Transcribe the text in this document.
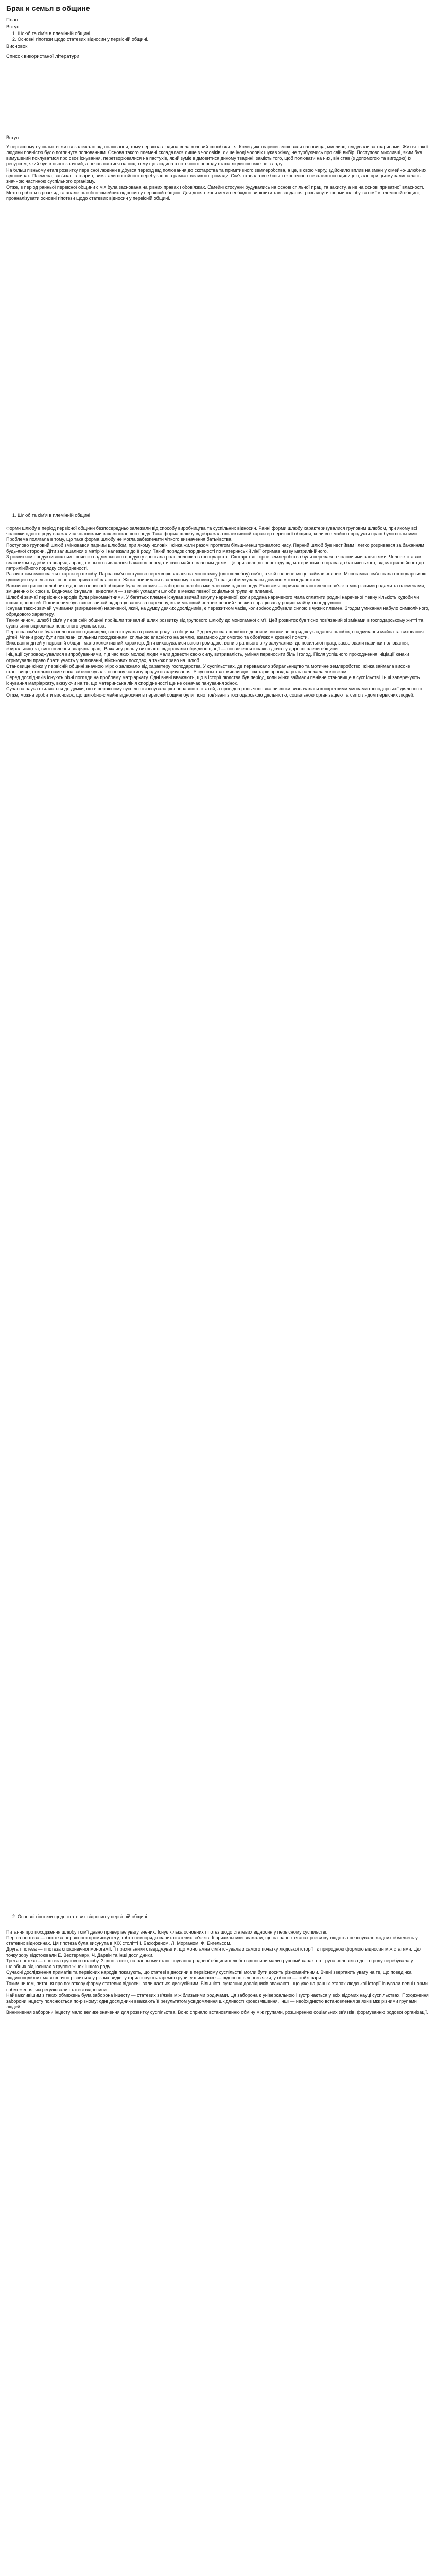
Брак и семья в общине
План
Вступ
1. Шлюб та сім'я в племінній общині.
2. Основні гіпотези щодо статевих відносин у первісній общині.
Висновок
Список використаної літератури
Вступ

У первісному суспільстві життя залежало від полювання, тому первісна людина вела кочовий спосіб життя. Коли дикі тварини змінювали пасовища, мисливці слідували за тваринами. Життя такої людини повністю було поглинуте полюванням. Основа такого племені складалася лише з чоловіків, лише іноді чоловік шукав жінку, не турбуючись про свій вибір. Поступово мисливці, яким був вимушений поклуватися про своє існування, перетворювалися на пастухів, який зуміє відмовитися дикому тварині; замість того, щоб полювати на них, він став (з допомогою та вигодою) їх ресурсом, який був в нього значний, а почав пастися на них, тому що людина з поточного періоду стала людиною вже не з ладу.

На більш пізньому етапі розвитку первісної людини відбувся перехід від полювання до скотарства та примітивного землеробства, а це, в свою чергу, здійснило вплив на зміни у сімейно-шлюбних відносинах. Племена, зав'язані з тварин, вимагали постійного перебування в рамках великого громади. Сім'я ставала все більш економічно незалежною одиницею, але при цьому залишалась значною частиною суспільного організму.

Отже, в період ранньої первісної общини сім'я була заснована на рівних правах і обов'язках. Сімейні стосунки будувались на основі спільної праці та захисту, а не на основі приватної власності.

Метою роботи є розгляд та аналіз шлюбно-сімейних відносин у первісній общині. Для досягнення мети необхідно вирішити такі завдання: розглянути форми шлюбу та сім'ї в племінній общині; проаналізувати основні гіпотези щодо статевих відносин у первісній общині.

1. Шлюб та сім'я в племінній общині

Форми шлюбу в період первісної общини безпосередньо залежали від способу виробництва та суспільних відносин. Ранні форми шлюбу характеризувалися груповим шлюбом, при якому всі чоловіки одного роду вважалися чоловіками всіх жінок іншого роду. Така форма шлюбу відображала колективний характер первісної общини, коли все майно і продукти праці були спільними. Проблема полягала в тому, що така форма шлюбу не могла забезпечити чіткого визначення батьківства.

Поступово груповий шлюб змінювався парним шлюбом, при якому чоловік і жінка жили разом протягом більш-менш тривалого часу. Парний шлюб був нестійким і легко розривався за бажанням будь-якої сторони. Діти залишалися з матір'ю і належали до її роду. Такий порядок спорідненості по материнській лінії отримав назву матрилінійного.

З розвитком продуктивних сил і появою надлишкового продукту зростала роль чоловіка в господарстві. Скотарство і орне землеробство були переважно чоловічими заняттями. Чоловік ставав власником худоби та знарядь праці, і в нього з'являлося бажання передати своє майно власним дітям. Це призвело до переходу від материнського права до батьківського, від матрилінійного до патрилінійного порядку спорідненості.

Разом з тим змінювався і характер шлюбу. Парна сім'я поступово перетворювалася на моногамну (одношлюбну) сім'ю, в якій головне місце займав чоловік. Моногамна сім'я стала господарською одиницею суспільства і основою приватної власності. Жінка опинилася в залежному становищі, її праця обмежувалася домашнім господарством.

Важливою рисою шлюбних відносин первісної общини була екзогамія — заборона шлюбів між членами одного роду. Екзогамія сприяла встановленню зв'язків між різними родами та племенами, зміцненню їх союзів. Водночас існувала і ендогамія — звичай укладати шлюби в межах певної соціальної групи чи племені.

Шлюбні звичаї первісних народів були різноманітними. У багатьох племен існував звичай викупу нареченої, коли родина нареченого мала сплатити родині нареченої певну кількість худоби чи інших цінностей. Поширеним був також звичай відпрацювання за наречену, коли молодий чоловік певний час жив і працював у родині майбутньої дружини.

Існував також звичай умикання (викрадення) нареченої, який, на думку деяких дослідників, є пережитком часів, коли жінок добували силою з чужих племен. Згодом умикання набуло символічного, обрядового характеру.

Таким чином, шлюб і сім'я у первісній общині пройшли тривалий шлях розвитку від групового шлюбу до моногамної сім'ї. Цей розвиток був тісно пов'язаний зі змінами в господарському житті та суспільних відносинах первісного суспільства.

Первісна сім'я не була ізольованою одиницею, вона існувала в рамках роду та общини. Рід регулював шлюбні відносини, визначав порядок укладання шлюбів, спадкування майна та виховання дітей. Члени роду були пов'язані спільним походженням, спільною власністю на землю, взаємною допомогою та обов'язком кровної помсти.

Виховання дітей у первісній общині мало колективний характер. Діти виховувалися всією громадою, вони з раннього віку залучалися до посильної праці, засвоювали навички полювання, збиральництва, виготовлення знарядь праці. Важливу роль у вихованні відігравали обряди ініціації — посвячення юнаків і дівчат у дорослі члени общини.

Ініціації супроводжувалися випробуваннями, під час яких молоді люди мали довести свою силу, витривалість, уміння переносити біль і голод. Після успішного проходження ініціації юнаки отримували право брати участь у полюванні, військових походах, а також право на шлюб.

Становище жінки у первісній общині значною мірою залежало від характеру господарства. У суспільствах, де переважало збиральництво та мотичне землеробство, жінка займала високе становище, оскільки саме вона забезпечувала основну частину продуктів харчування. У суспільствах мисливців і скотарів провідна роль належала чоловікам.

Серед дослідників існують різні погляди на проблему матріархату. Одні вчені вважають, що в історії людства був період, коли жінки займали панівне становище в суспільстві. Інші заперечують існування матріархату, вказуючи на те, що материнська лінія спорідненості ще не означає панування жінок.

Сучасна наука схиляється до думки, що в первісному суспільстві існувала рівноправність статей, а провідна роль чоловіка чи жінки визначалася конкретними умовами господарської діяльності.

Отже, можна зробити висновок, що шлюбно-сімейні відносини в первісній общині були тісно пов'язані з господарською діяльністю, соціальною організацією та світоглядом первісних людей.

2. Основні гіпотези щодо статевих відносин у первісній общині

Питання про походження шлюбу і сім'ї давно привертає увагу вчених. Існує кілька основних гіпотез щодо статевих відносин у первісному суспільстві.

Перша гіпотеза — гіпотеза первісного промискуїтету, тобто невпорядкованих статевих зв'язків. Її прихильники вважали, що на ранніх етапах розвитку людства не існувало жодних обмежень у статевих відносинах. Ця гіпотеза була висунута в XIX столітті І. Бахофеном, Л. Морганом, Ф. Енгельсом.

Друга гіпотеза — гіпотеза споконвічної моногамії. Її прихильники стверджували, що моногамна сім'я існувала з самого початку людської історії і є природною формою відносин між статями. Цю точку зору відстоювали Е. Вестермарк, Ч. Дарвін та інші дослідники.

Третя гіпотеза — гіпотеза групового шлюбу. Згідно з нею, на ранньому етапі існування родової общини шлюбні відносини мали груповий характер: група чоловіків одного роду перебувала у шлюбних відносинах з групою жінок іншого роду.

Сучасні дослідження приматів та первісних народів показують, що статеві відносини в первісному суспільстві могли бути досить різноманітними. Вчені звертають увагу на те, що поведінка людиноподібних мавп значно різниться у різних видів: у горил існують гаремні групи, у шимпанзе — відносно вільні зв'язки, у гібонів — стійкі пари.

Таким чином, питання про початкову форму статевих відносин залишається дискусійним. Більшість сучасних дослідників вважають, що уже на ранніх етапах людської історії існували певні норми і обмеження, які регулювали статеві відносини.

Найважливішим з таких обмежень була заборона інцесту — статевих зв'язків між близькими родичами. Ця заборона є універсальною і зустрічається у всіх відомих науці суспільствах. Походження заборони інцесту пояснюється по-різному: одні дослідники вважають її результатом усвідомлення шкідливості кровозмішення, інші — необхідністю встановлення зв'язків між різними групами людей.

Виникнення заборони інцесту мало велике значення для розвитку суспільства. Воно сприяло встановленню обміну між групами, розширенню соціальних зв'язків, формуванню родової організації.
